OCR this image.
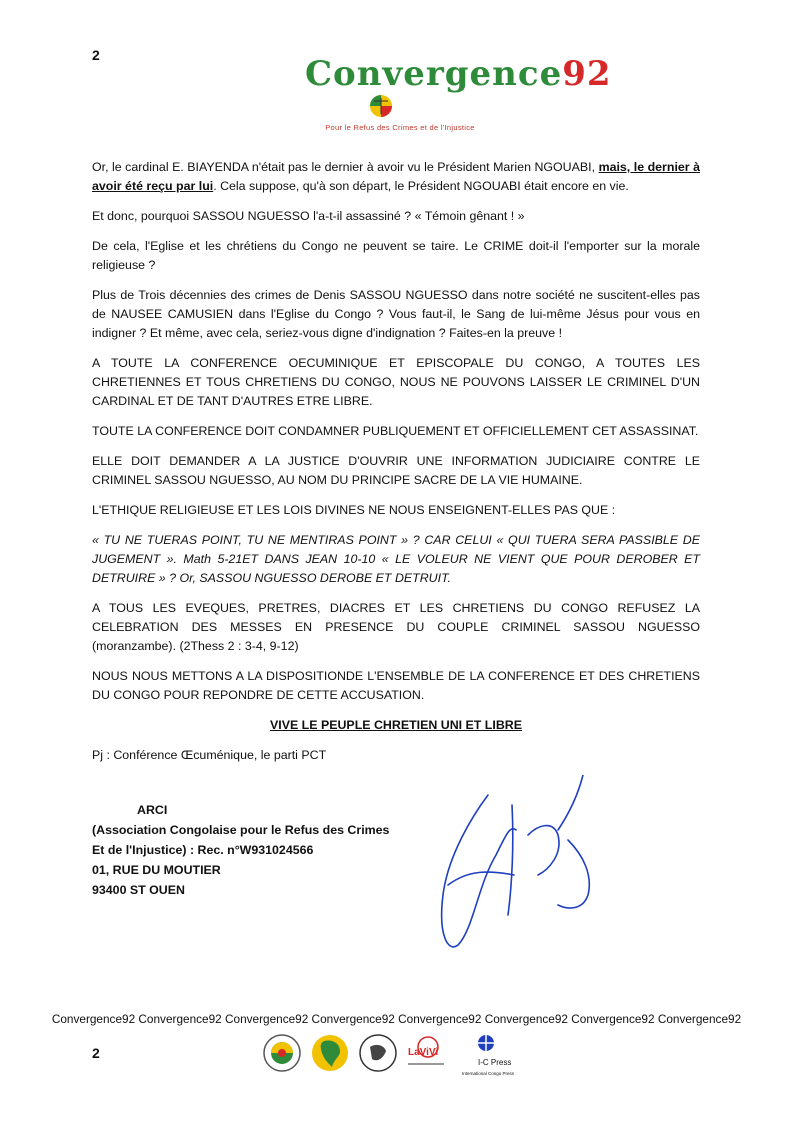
2	Convergence92
Pour le Refus des Crimes et de l'Injustice

Or, le cardinal E. BIAYENDA n'était pas le dernier à avoir vu le Président Marien NGOUABI, mais, le dernier à avoir été reçu par lui. Cela suppose, qu'à son départ, le Président NGOUABI était encore en vie.

Et donc, pourquoi SASSOU NGUESSO l'a-t-il assassiné ? « Témoin gênant ! »

De cela, l'Eglise et les chrétiens du Congo ne peuvent se taire. Le CRIME doit-il l'emporter sur la morale religieuse ?

Plus de Trois décennies des crimes de Denis SASSOU NGUESSO dans notre société ne suscitent-elles pas de NAUSEE CAMUSIEN dans l'Eglise du Congo ? Vous faut-il, le Sang de lui-même Jésus pour vous en indigner ? Et même, avec cela, seriez-vous digne d'indignation ? Faites-en la preuve !

A TOUTE LA CONFERENCE OECUMINIQUE ET EPISCOPALE DU CONGO, A TOUTES LES CHRETIENNES ET TOUS CHRETIENS DU CONGO, NOUS NE POUVONS LAISSER LE CRIMINEL D'UN CARDINAL ET DE TANT D'AUTRES ETRE LIBRE.

TOUTE LA CONFERENCE DOIT CONDAMNER PUBLIQUEMENT ET OFFICIELLEMENT CET ASSASSINAT.

ELLE DOIT DEMANDER A LA JUSTICE D'OUVRIR UNE INFORMATION JUDICIAIRE CONTRE LE CRIMINEL SASSOU NGUESSO, AU NOM DU PRINCIPE SACRE DE LA VIE HUMAINE.

L'ETHIQUE RELIGIEUSE ET LES LOIS DIVINES NE NOUS ENSEIGNENT-ELLES PAS QUE :

« TU NE TUERAS POINT, TU NE MENTIRAS POINT » ? CAR CELUI « QUI TUERA SERA PASSIBLE DE JUGEMENT ». Math 5-21ET DANS JEAN 10-10 « LE VOLEUR NE VIENT QUE POUR DEROBER ET DETRUIRE » ? Or, SASSOU NGUESSO DEROBE ET DETRUIT.

A TOUS LES EVEQUES, PRETRES, DIACRES ET LES CHRETIENS DU CONGO REFUSEZ LA CELEBRATION DES MESSES EN PRESENCE DU COUPLE CRIMINEL SASSOU NGUESSO (moranzambe). (2Thess 2 : 3-4, 9-12)

NOUS NOUS METTONS A LA DISPOSITIONDE L'ENSEMBLE DE LA CONFERENCE ET DES CHRETIENS DU CONGO POUR REPONDRE DE CETTE ACCUSATION.

VIVE LE PEUPLE CHRETIEN UNI ET LIBRE

Pj : Conférence Œcuménique, le parti PCT

ARCI
(Association Congolaise pour le Refus des Crimes
Et de l'Injustice) : Rec. n°W931024566
01, RUE DU MOUTIER
93400 ST OUEN
Convergence92 Convergence92 Convergence92 Convergence92 Convergence92 Convergence92 Convergence92 Convergence92
2	LaViVi
I-C Press
International Congo Press
